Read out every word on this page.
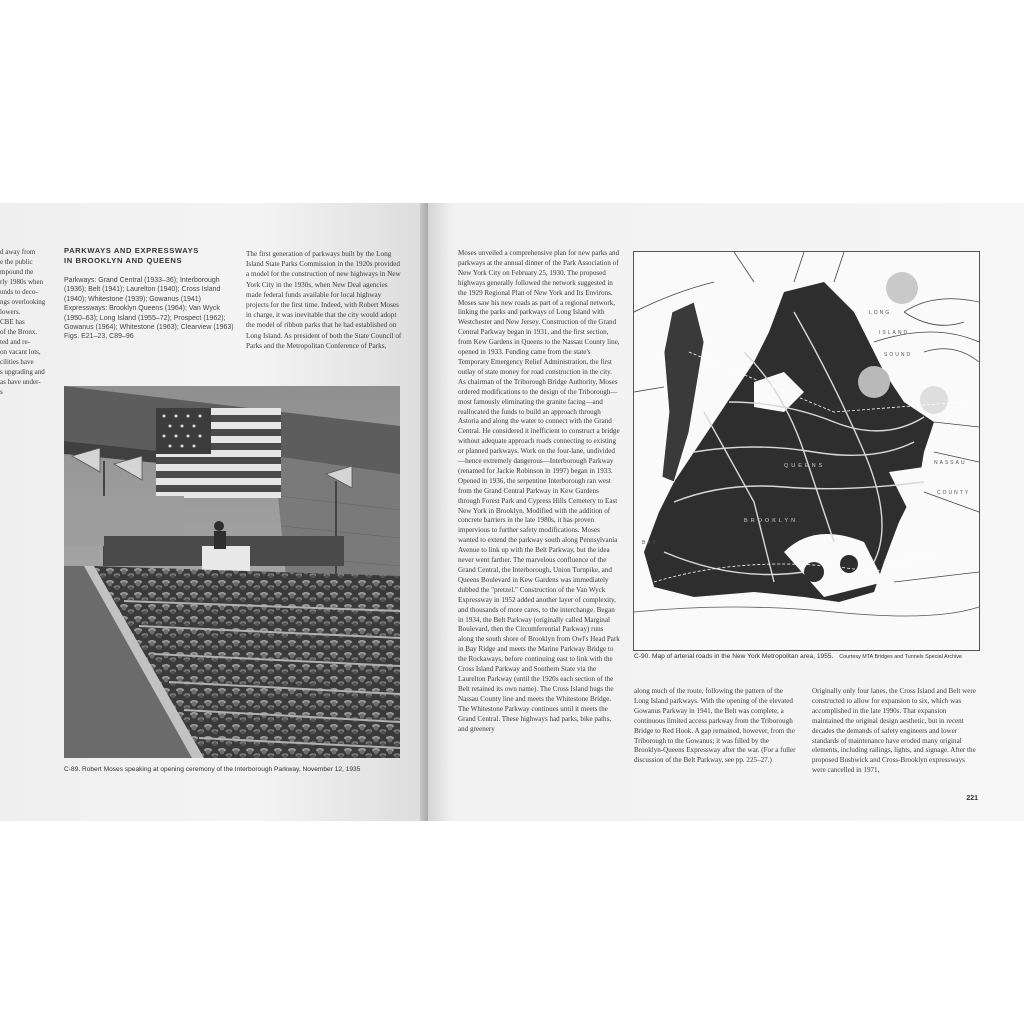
d away from
e the public
mpound the
rly 1980s when
unds to deco-
ngs overlooking
lowers.
CBE has
of the Bronx.
ted and re-
on vacant lots,
cilities have
s upgrading and
as have under-
s
PARKWAYS AND EXPRESSWAYS
IN BROOKLYN AND QUEENS
Parkways: Grand Central (1933–36); Interborough (1936); Belt (1941); Laurelton (1940); Cross Island (1940); Whitestone (1939); Gowanus (1941)
Expressways: Brooklyn Queens (1964); Van Wyck (1950–63); Long Island (1955–72); Prospect (1962); Gowanus (1964); Whitestone (1963); Clearview (1963)
Figs. E21–23, C89–96
The first generation of parkways built by the Long Island State Parks Commission in the 1920s provided a model for the construction of new highways in New York City in the 1930s, when New Deal agencies made federal funds available for local highway projects for the first time. Indeed, with Robert Moses in charge, it was inevitable that the city would adopt the model of ribbon parks that he had established on Long Island. As president of both the State Council of Parks and the Metropolitan Conference of Parks,
C-89. Robert Moses speaking at opening ceremony of the Interborough Parkway, November 12, 1935
Moses unveiled a comprehensive plan for new parks and parkways at the annual dinner of the Park Association of New York City on February 25, 1930. The proposed highways generally followed the network suggested in the 1929 Regional Plan of New York and Its Environs. Moses saw his new roads as part of a regional network, linking the parks and parkways of Long Island with Westchester and New Jersey. Construction of the Grand Central Parkway began in 1931, and the first section, from Kew Gardens in Queens to the Nassau County line, opened in 1933. Funding came from the state's Temporary Emergency Relief Administration, the first outlay of state money for road construction in the city. As chairman of the Triborough Bridge Authority, Moses ordered modifications to the design of the Triborough—most famously eliminating the granite facing—and reallocated the funds to build an approach through Astoria and along the water to connect with the Grand Central. He considered it inefficient to construct a bridge without adequate approach roads connecting to existing or planned parkways. Work on the four-lane, undivided—hence extremely dangerous—Interborough Parkway (renamed for Jackie Robinson in 1997) began in 1933. Opened in 1936, the serpentine Interborough ran west from the Grand Central Parkway in Kew Gardens through Forest Park and Cypress Hills Cemetery to East New York in Brooklyn. Modified with the addition of concrete barriers in the late 1980s, it has proven impervious to further safety modifications. Moses wanted to extend the parkway south along Pennsylvania Avenue to link up with the Belt Parkway, but the idea never went farther. The marvelous confluence of the Grand Central, the Interborough, Union Turnpike, and Queens Boulevard in Kew Gardens was immediately dubbed the "pretzel." Construction of the Van Wyck Expressway in 1952 added another layer of complexity, and thousands of more cares, to the interchange. Began in 1934, the Belt Parkway (originally called Marginal Boulevard, then the Circumferential Parkway) runs along the south shore of Brooklyn from Owl's Head Park in Bay Ridge and meets the Marine Parkway Bridge to the Rockaways, before continuing east to link with the Cross Island Parkway and Southern State via the Laurelton Parkway (until the 1920s each section of the Belt retained its own name). The Cross Island hugs the Nassau County line and meets the Whitestone Bridge. The Whitestone Parkway continues until it meets the Grand Central. These highways had parks, bike paths, and greenery
LONG
ISLAND
SOUND
NASSAU
COUNTY
BAY
QUEENS
BROOKLYN
C-90. Map of arterial roads in the New York Metropolitan area, 1955. Courtesy MTA Bridges and Tunnels Special Archive
along much of the route, following the pattern of the Long Island parkways. With the opening of the elevated Gowanus Parkway in 1941, the Belt was complete, a continuous limited access parkway from the Triborough Bridge to Red Hook. A gap remained, however, from the Triborough to the Gowanus; it was filled by the Brooklyn-Queens Expressway after the war. (For a fuller discussion of the Belt Parkway, see pp. 225–27.)
Originally only four lanes, the Cross Island and Belt were constructed to allow for expansion to six, which was accomplished in the late 1990s. That expansion maintained the original design aesthetic, but in recent decades the demands of safety engineers and lower standards of maintenance have eroded many original elements, including railings, lights, and signage. After the proposed Bushwick and Cross-Brooklyn expressways were cancelled in 1971,
221
